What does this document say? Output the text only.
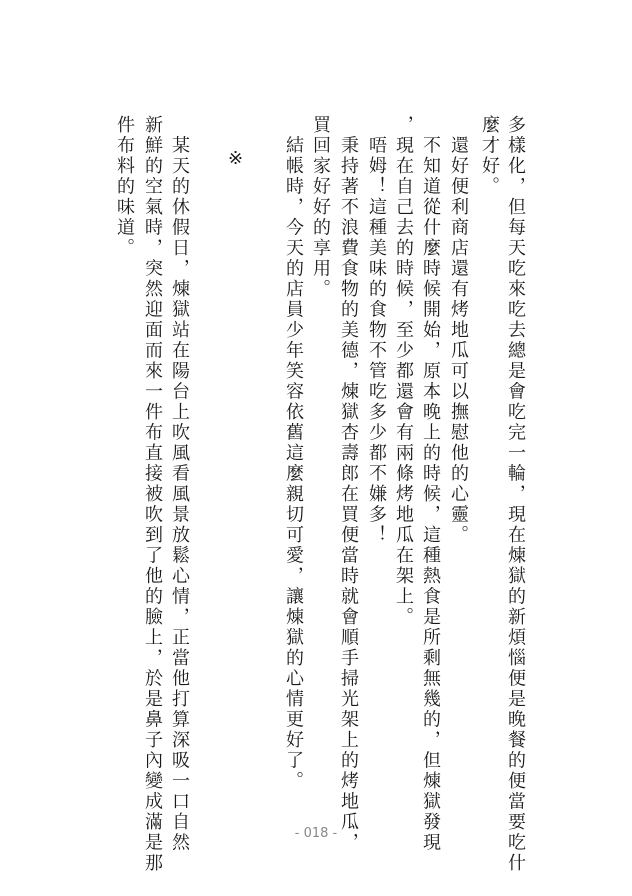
多樣化，但每天吃來吃去總是會吃完一輪，現在煉獄的新煩惱便是晚餐的便當要吃什
麼才好。
　還好便利商店還有烤地瓜可以撫慰他的心靈。
　不知道從什麼時候開始，原本晚上的時候，這種熱食是所剩無幾的，但煉獄發現
，現在自己去的時候，至少都還會有兩條烤地瓜在架上。
　唔姆！這種美味的食物不管吃多少都不嫌多！
　秉持著不浪費食物的美德，煉獄杏壽郎在買便當時就會順手掃光架上的烤地瓜，
買回家好好的享用。
　結帳時，今天的店員少年笑容依舊這麼親切可愛，讓煉獄的心情更好了。
※
　某天的休假日，煉獄站在陽台上吹風看風景放鬆心情，正當他打算深吸一口自然
新鮮的空氣時，突然迎面而來一件布直接被吹到了他的臉上，於是鼻子內變成滿是那
件布料的味道。
- 018 -
